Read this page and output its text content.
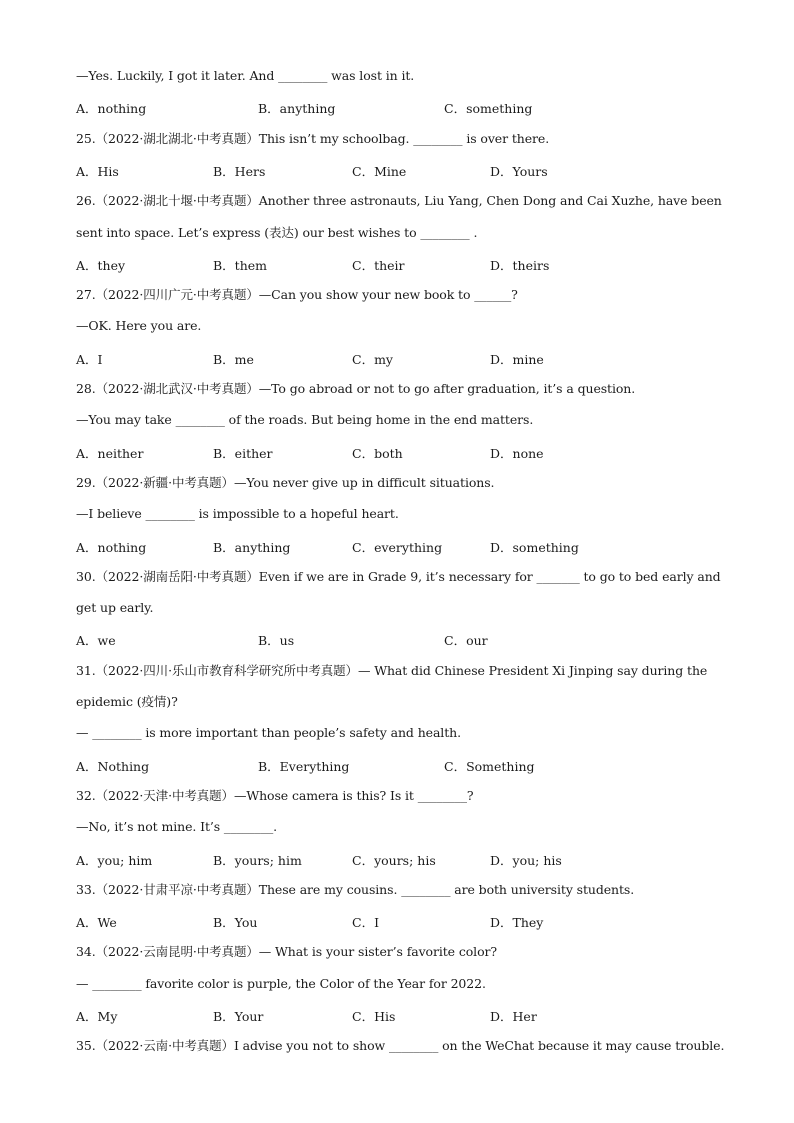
—Yes. Luckily, I got it later. And ________ was lost in it.
A．nothing	B．anything	C．something
25.（2022·湖北湖北·中考真题）This isn’t my schoolbag. ________ is over there.
A．His	B．Hers	C．Mine	D．Yours
26.（2022·湖北十堰·中考真题）Another three astronauts, Liu Yang, Chen Dong and Cai Xuzhe, have been
sent into space. Let’s express (表达) our best wishes to ________ .
A．they	B．them	C．their	D．theirs
27.（2022·四川广元·中考真题）—Can you show your new book to ______?
—OK. Here you are.
A．I	B．me	C．my	D．mine
28.（2022·湖北武汉·中考真题）—To go abroad or not to go after graduation, it’s a question.
—You may take ________ of the roads. But being home in the end matters.
A．neither	B．either	C．both	D．none
29.（2022·新疆·中考真题）—You never give up in difficult situations.
—I believe ________ is impossible to a hopeful heart.
A．nothing	B．anything	C．everything	D．something
30.（2022·湖南岳阳·中考真题）Even if we are in Grade 9, it’s necessary for _______ to go to bed early and
get up early.
A．we	B．us	C．our
31.（2022·四川·乐山市教育科学研究所中考真题）— What did Chinese President Xi Jinping say during the
epidemic (疫情)?
— ________ is more important than people’s safety and health.
A．Nothing	B．Everything	C．Something
32.（2022·天津·中考真题）—Whose camera is this? Is it ________?
—No, it’s not mine. It’s ________.
A．you; him	B．yours; him	C．yours; his	D．you; his
33.（2022·甘肃平凉·中考真题）These are my cousins. ________ are both university students.
A．We	B．You	C．I	D．They
34.（2022·云南昆明·中考真题）— What is your sister’s favorite color?
— ________ favorite color is purple, the Color of the Year for 2022.
A．My	B．Your	C．His	D．Her
35.（2022·云南·中考真题）I advise you not to show ________ on the WeChat because it may cause trouble.
